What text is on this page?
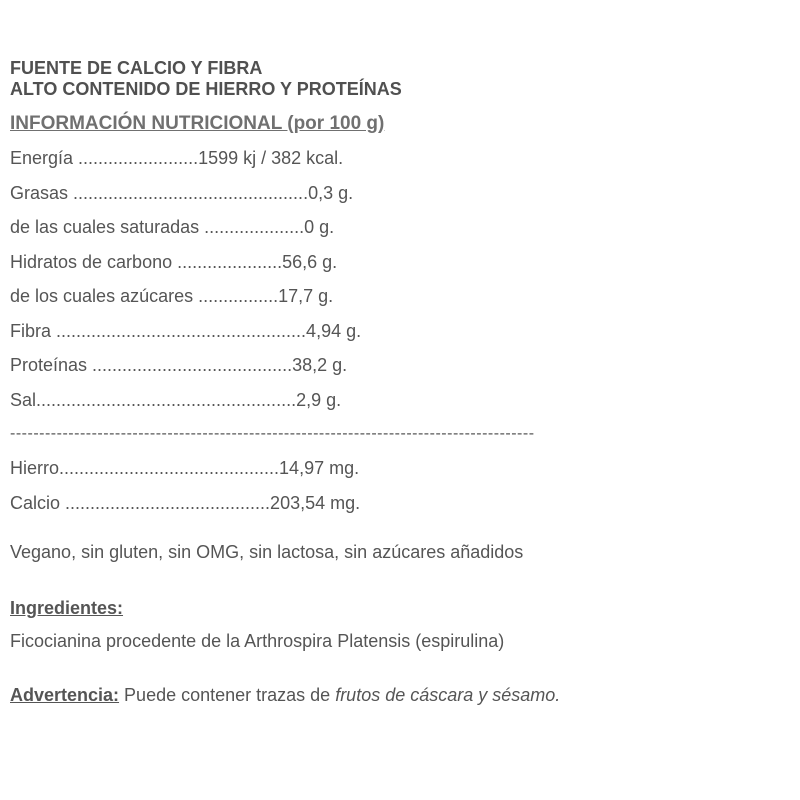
FUENTE DE CALCIO Y FIBRA

ALTO CONTENIDO DE HIERRO Y PROTEÍNAS

INFORMACIÓN NUTRICIONAL (por 100 g)
Energía ........................1599 kj / 382 kcal.
Grasas ...............................................0,3 g.
de las cuales saturadas ....................0 g.
Hidratos de carbono .....................56,6 g.
de los cuales azúcares ................17,7 g.
Fibra ..................................................4,94 g.
Proteínas ........................................38,2 g.
Sal....................................................2,9 g.
------------------------------------------------------------------------------------------
Hierro............................................14,97 mg.
Calcio .........................................203,54 mg.
Vegano, sin gluten, sin OMG, sin lactosa, sin azúcares añadidos
Ingredientes:
Ficocianina procedente de la Arthrospira Platensis (espirulina)
Advertencia: Puede contener trazas de frutos de cáscara y sésamo.
